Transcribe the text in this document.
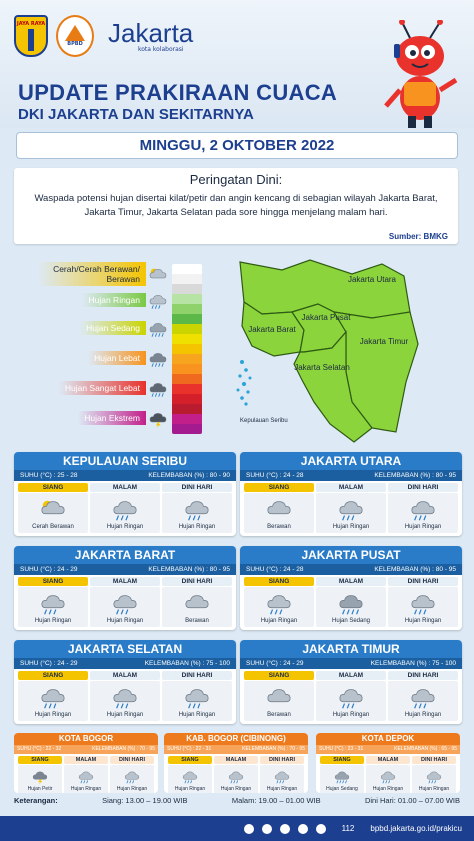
JAYA RAYA
BPBD Jakarta
kota kolaborasi
UPDATE PRAKIRAAN CUACA
DKI JAKARTA DAN SEKITARNYA
MINGGU, 2 OKTOBER 2022
Peringatan Dini:
Waspada potensi hujan disertai kilat/petir dan angin kencang di sebagian wilayah Jakarta Barat, Jakarta Timur, Jakarta Selatan pada sore hingga menjelang malam hari.
Sumber: BMKG
Cerah/Cerah Berawan/ Berawan
Hujan Ringan
Hujan Sedang
Hujan Lebat
Hujan Sangat Lebat
Hujan Ekstrem
Jakarta Utara
Jakarta Barat
Jakarta Pusat
Jakarta Timur
Jakarta Selatan
Kepulauan Seribu
KEPULAUAN SERIBU
SUHU (°C) : 25 - 28	KELEMBABAN (%) : 80 - 90
SIANG	MALAM	DINI HARI
Cerah Berawan	Hujan Ringan	Hujan Ringan
JAKARTA UTARA
SUHU (°C) : 24 - 28	KELEMBABAN (%) : 80 - 95
SIANG	MALAM	DINI HARI
Berawan	Hujan Ringan	Hujan Ringan
JAKARTA BARAT
SUHU (°C) : 24 - 29	KELEMBABAN (%) : 80 - 95
SIANG	MALAM	DINI HARI
Hujan Ringan	Hujan Ringan	Berawan
JAKARTA PUSAT
SUHU (°C) : 24 - 28	KELEMBABAN (%) : 80 - 95
SIANG	MALAM	DINI HARI
Hujan Ringan	Hujan Sedang	Hujan Ringan
JAKARTA SELATAN
SUHU (°C) : 24 - 29	KELEMBABAN (%) : 75 - 100
SIANG	MALAM	DINI HARI
Hujan Ringan	Hujan Ringan	Hujan Ringan
JAKARTA TIMUR
SUHU (°C) : 24 - 29	KELEMBABAN (%) : 75 - 100
SIANG	MALAM	DINI HARI
Berawan	Hujan Ringan	Hujan Ringan
KOTA BOGOR
SUHU (°C) : 22 - 32	KELEMBABAN (%) : 70 - 95
SIANG	MALAM	DINI HARI
Hujan Petir	Hujan Ringan	Hujan Ringan
KAB. BOGOR (CIBINONG)
SUHU (°C) : 22 - 31	KELEMBABAN (%) : 70 - 95
SIANG	MALAM	DINI HARI
Hujan Ringan	Hujan Ringan	Hujan Ringan
KOTA DEPOK
SUHU (°C) : 23 - 31	KELEMBABAN (%) : 65 - 95
SIANG	MALAM	DINI HARI
Hujan Sedang	Hujan Ringan	Hujan Ringan
Keterangan:	Siang: 13.00 – 19.00 WIB	Malam: 19.00 – 01.00 WIB	Dini Hari: 01.00 – 07.00 WIB
112 bpbd.jakarta.go.id/prakicu
